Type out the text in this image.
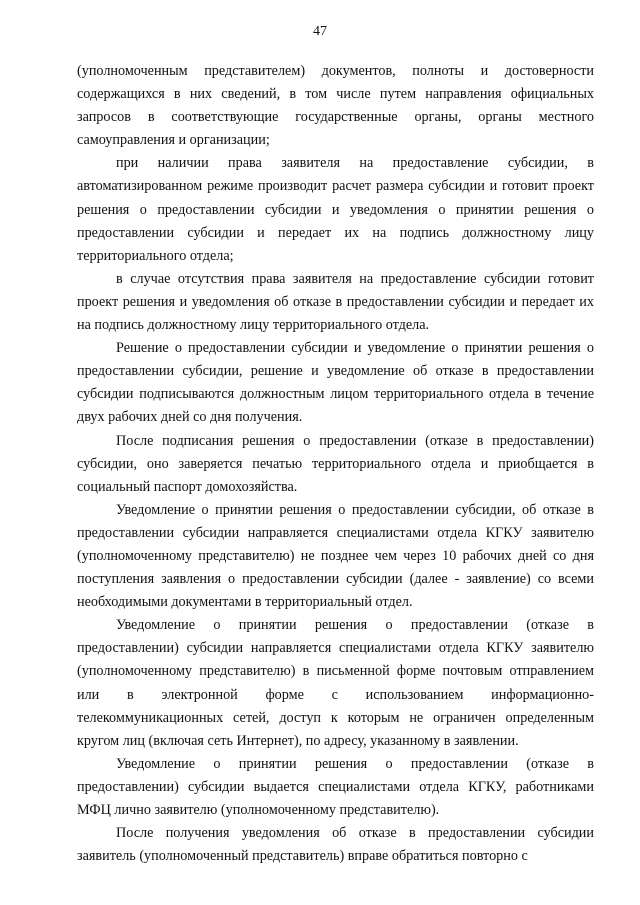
47

(уполномоченным представителем) документов, полноты и достоверности содержащихся в них сведений, в том числе путем направления официальных запросов в соответствующие государственные органы, органы местного самоуправления и организации;

при наличии права заявителя на предоставление субсидии, в автоматизированном режиме производит расчет размера субсидии и готовит проект решения о предоставлении субсидии и уведомления о принятии решения о предоставлении субсидии и передает их на подпись должностному лицу территориального отдела;

в случае отсутствия права заявителя на предоставление субсидии готовит проект решения и уведомления об отказе в предоставлении субсидии и передает их на подпись должностному лицу территориального отдела.

Решение о предоставлении субсидии и уведомление о принятии решения о предоставлении субсидии, решение и уведомление об отказе в предоставлении субсидии подписываются должностным лицом территориального отдела в течение двух рабочих дней со дня получения.

После подписания решения о предоставлении (отказе в предоставлении) субсидии, оно заверяется печатью территориального отдела и приобщается в социальный паспорт домохозяйства.

Уведомление о принятии решения о предоставлении субсидии, об отказе в предоставлении субсидии направляется специалистами отдела КГКУ заявителю (уполномоченному представителю) не позднее чем через 10 рабочих дней со дня поступления заявления о предоставлении субсидии (далее - заявление) со всеми необходимыми документами в территориальный отдел.

Уведомление о принятии решения о предоставлении (отказе в предоставлении) субсидии направляется специалистами отдела КГКУ заявителю (уполномоченному представителю) в письменной форме почтовым отправлением или в электронной форме с использованием информационно-телекоммуникационных сетей, доступ к которым не ограничен определенным кругом лиц (включая сеть Интернет), по адресу, указанному в заявлении.

Уведомление о принятии решения о предоставлении (отказе в предоставлении) субсидии выдается специалистами отдела КГКУ, работниками МФЦ лично заявителю (уполномоченному представителю).

После получения уведомления об отказе в предоставлении субсидии заявитель (уполномоченный представитель) вправе обратиться повторно с
